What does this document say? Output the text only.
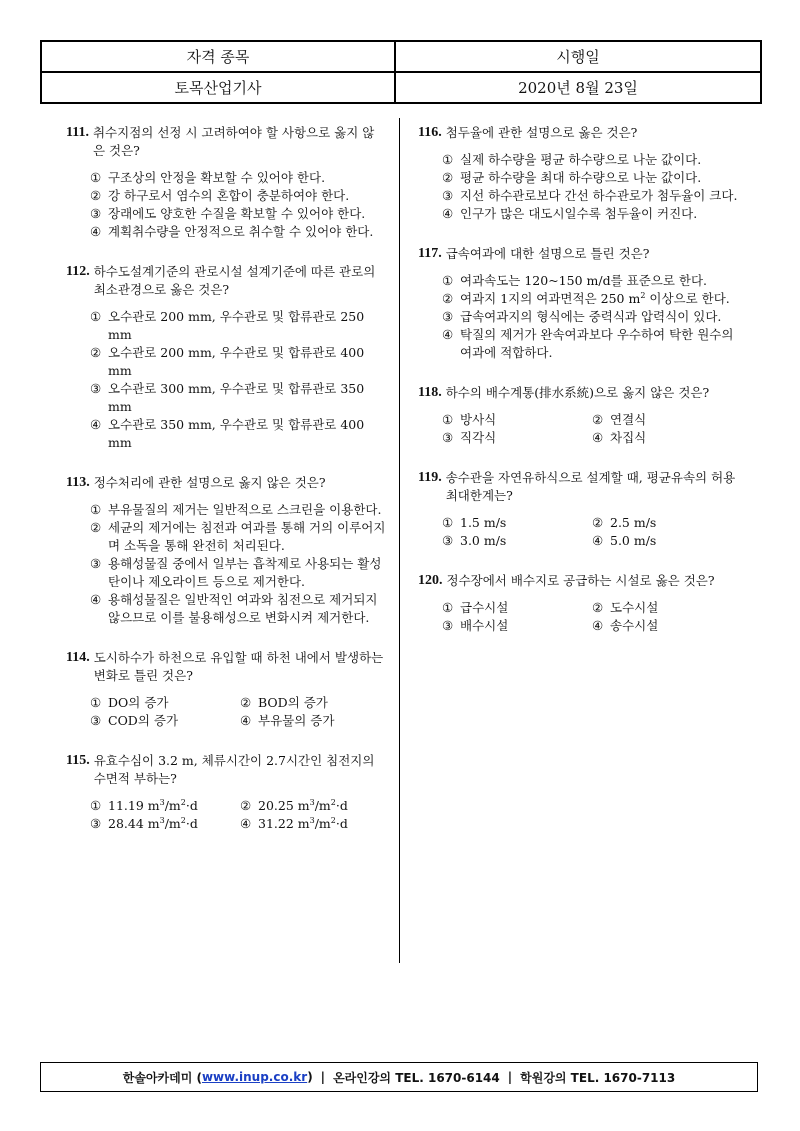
자격 종목	시행일
토목산업기사	2020년 8월 23일
111. 취수지점의 선정 시 고려하여야 할 사항으로 옳지 않은 것은?
① 구조상의 안정을 확보할 수 있어야 한다.
② 강 하구로서 염수의 혼합이 충분하여야 한다.
③ 장래에도 양호한 수질을 확보할 수 있어야 한다.
④ 계획취수량을 안정적으로 취수할 수 있어야 한다.
112. 하수도설계기준의 관로시설 설계기준에 따른 관로의 최소관경으로 옳은 것은?
① 오수관로 200 mm, 우수관로 및 합류관로 250 mm
② 오수관로 200 mm, 우수관로 및 합류관로 400 mm
③ 오수관로 300 mm, 우수관로 및 합류관로 350 mm
④ 오수관로 350 mm, 우수관로 및 합류관로 400 mm
113. 정수처리에 관한 설명으로 옳지 않은 것은?
① 부유물질의 제거는 일반적으로 스크린을 이용한다.
② 세균의 제거에는 침전과 여과를 통해 거의 이루어지며 소독을 통해 완전히 처리된다.
③ 용해성물질 중에서 일부는 흡착제로 사용되는 활성탄이나 제오라이트 등으로 제거한다.
④ 용해성물질은 일반적인 여과와 침전으로 제거되지 않으므로 이를 불용해성으로 변화시켜 제거한다.
114. 도시하수가 하천으로 유입할 때 하천 내에서 발생하는 변화로 틀린 것은?
① DO의 증가	② BOD의 증가
③ COD의 증가	④ 부유물의 증가
115. 유효수심이 3.2 m, 체류시간이 2.7시간인 침전지의 수면적 부하는?
① 11.19 $m^3/m^2\cdot d$	② 20.25 $m^3/m^2\cdot d$
③ 28.44 $m^3/m^2\cdot d$	④ 31.22 $m^3/m^2\cdot d$
116. 첨두율에 관한 설명으로 옳은 것은?
① 실제 하수량을 평균 하수량으로 나눈 값이다.
② 평균 하수량을 최대 하수량으로 나눈 값이다.
③ 지선 하수관로보다 간선 하수관로가 첨두율이 크다.
④ 인구가 많은 대도시일수록 첨두율이 커진다.
117. 급속여과에 대한 설명으로 틀린 것은?
① 여과속도는 120~150 m/d를 표준으로 한다.
② 여과지 1지의 여과면적은 250 $m^2$ 이상으로 한다.
③ 급속여과지의 형식에는 중력식과 압력식이 있다.
④ 탁질의 제거가 완속여과보다 우수하여 탁한 원수의 여과에 적합하다.
118. 하수의 배수계통(排水系統)으로 옳지 않은 것은?
① 방사식	② 연결식
③ 직각식	④ 차집식
119. 송수관을 자연유하식으로 설계할 때, 평균유속의 허용최대한계는?
① 1.5 m/s	② 2.5 m/s
③ 3.0 m/s	④ 5.0 m/s
120. 정수장에서 배수지로 공급하는 시설로 옳은 것은?
① 급수시설	② 도수시설
③ 배수시설	④ 송수시설
한솔아카데미 ( www.inup.co.kr ) | 온라인강의 TEL. 1670-6144 | 학원강의 TEL. 1670-7113
